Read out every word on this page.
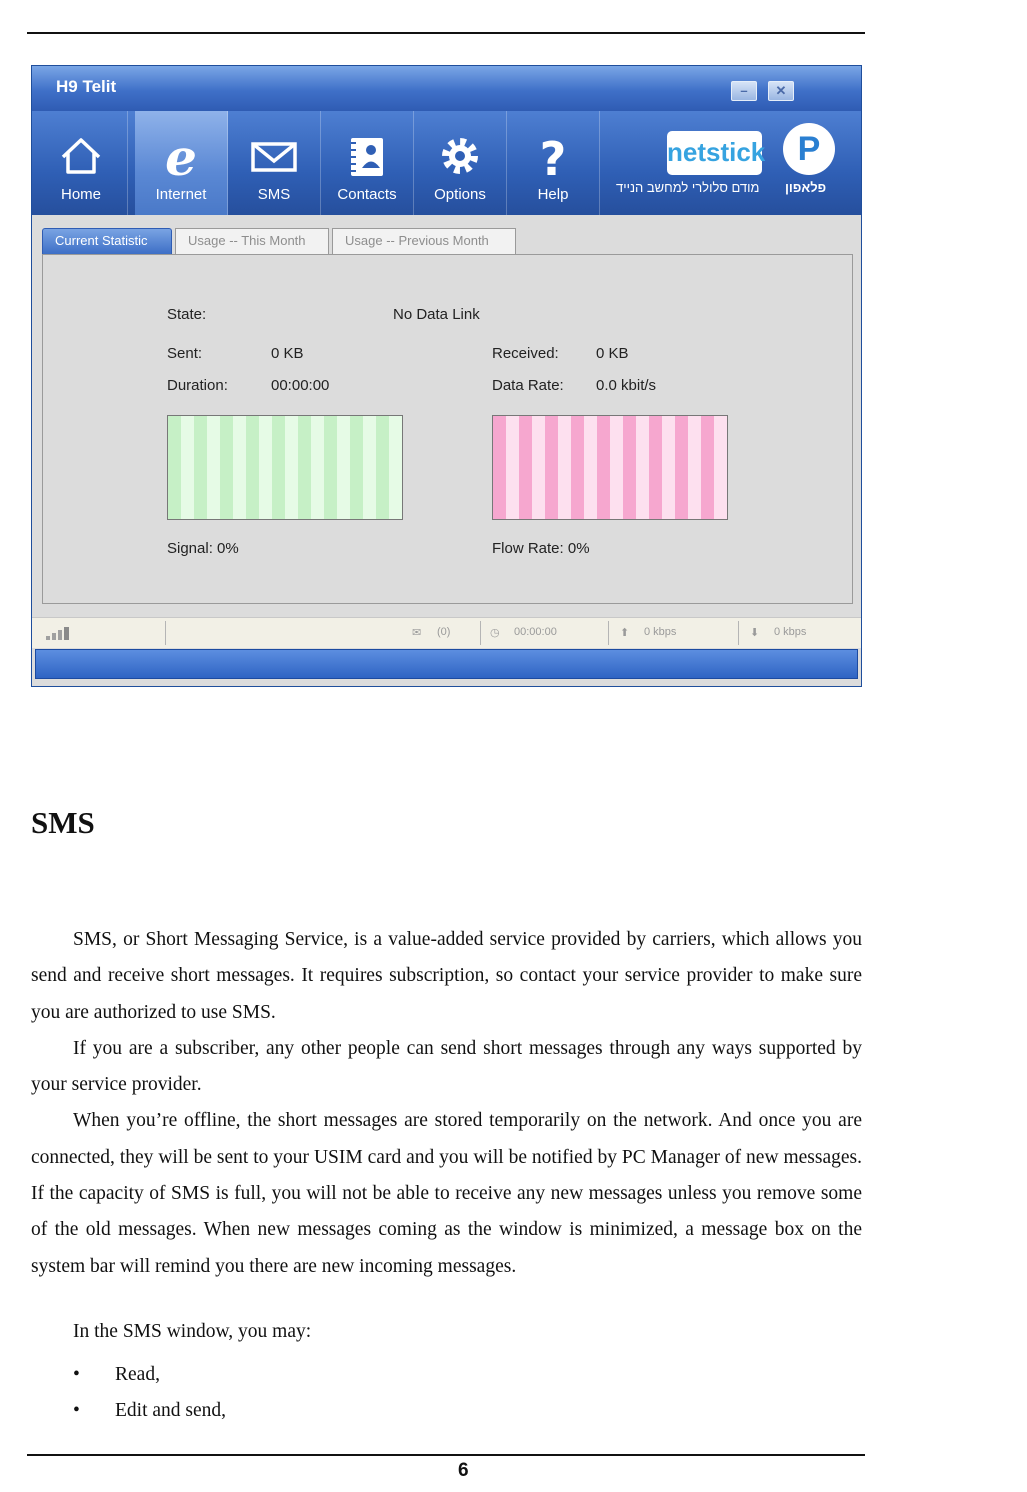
H9 Telit	–	✕
Home
e
Internet	SMS	Contacts	Options
?
Help
netstick P
מודם סלולרי למחשב הנייד פלאפון
Current Statistic	Usage -- This Month	Usage -- Previous Month
State:	No Data Link
Sent:	0 KB	Received: 0 KB
Duration:	00:00:00	Data Rate: 0.0 kbit/s
Signal: 0%	Flow Rate: 0%
✉ (0)	◷ 00:00:00	⬆ 0 kbps	⬇ 0 kbps
SMS

SMS, or Short Messaging Service, is a value-added service provided by carriers, which allows you send and receive short messages. It requires subscription, so contact your service provider to make sure you are authorized to use SMS.

If you are a subscriber, any other people can send short messages through any ways supported by your service provider.

When you’re offline, the short messages are stored temporarily on the network. And once you are connected, they will be sent to your USIM card and you will be notified by PC Manager of new messages. If the capacity of SMS is full, you will not be able to receive any new messages unless you remove some of the old messages. When new messages coming as the window is minimized, a message box on the system bar will remind you there are new incoming messages.

In the SMS window, you may:
• Read,
• Edit and send,
6
